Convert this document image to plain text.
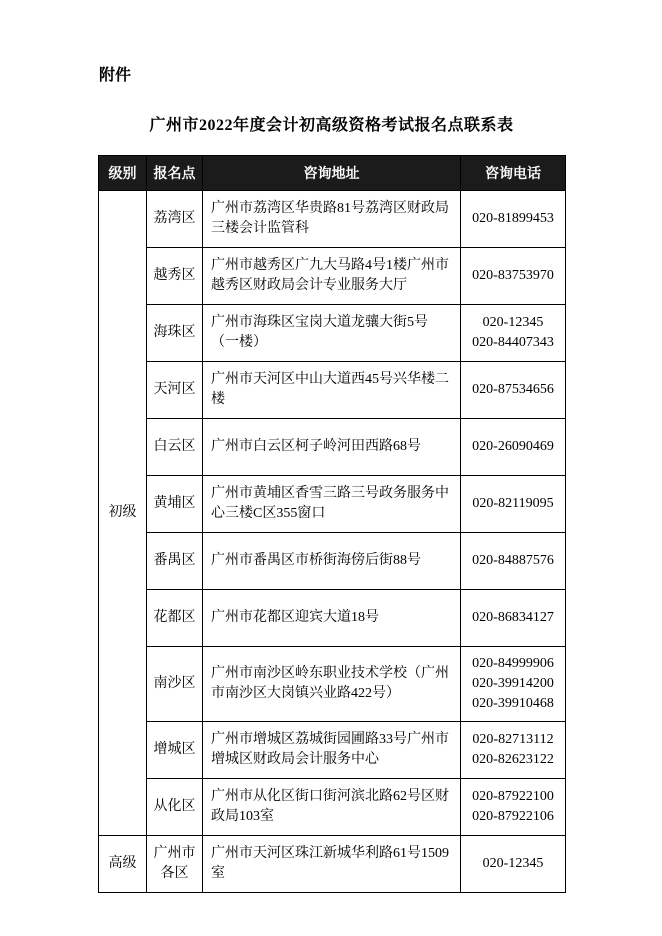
附件
广州市2022年度会计初高级资格考试报名点联系表
级别	报名点	咨询地址	咨询电话
初级	荔湾区	广州市荔湾区华贵路81号荔湾区财政局三楼会计监管科	020-81899453

	越秀区	广州市越秀区广九大马路4号1楼广州市越秀区财政局会计专业服务大厅	020-83753970

	海珠区	广州市海珠区宝岗大道龙骧大街5号（一楼）	020-12345
020-84407343

	天河区	广州市天河区中山大道西45号兴华楼二楼	020-87534656

	白云区	广州市白云区柯子岭河田西路68号	020-26090469

	黄埔区	广州市黄埔区香雪三路三号政务服务中心三楼C区355窗口	020-82119095

	番禺区	广州市番禺区市桥街海傍后街88号	020-84887576

	花都区	广州市花都区迎宾大道18号	020-86834127

	南沙区	广州市南沙区岭东职业技术学校（广州市南沙区大岗镇兴业路422号）	020-84999906
020-39914200
020-39910468

	增城区	广州市增城区荔城街园圃路33号广州市增城区财政局会计服务中心	020-82713112
020-82623122

	从化区	广州市从化区街口街河滨北路62号区财政局103室	020-87922100
020-87922106

高级	广州市各区	广州市天河区珠江新城华利路61号1509室	020-12345
